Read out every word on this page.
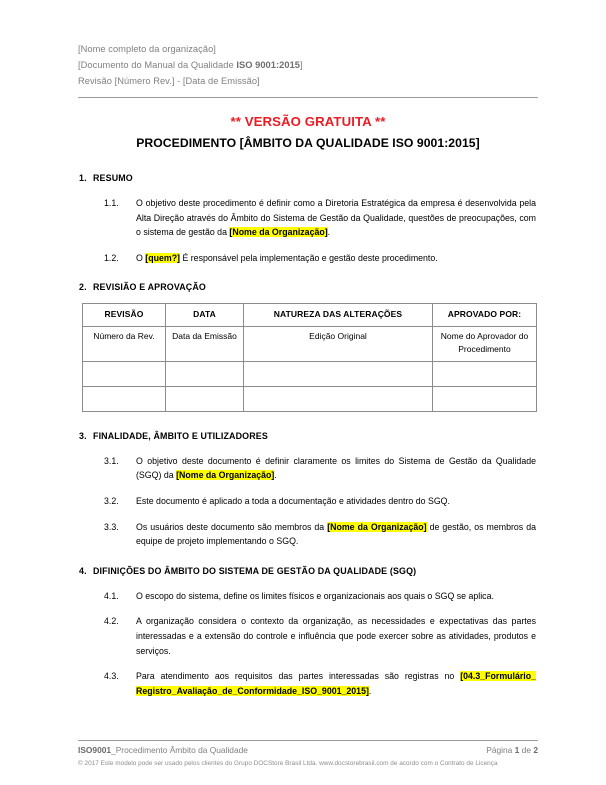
[Nome completo da organização]
[Documento do Manual da Qualidade ISO 9001:2015]
Revisão [Número Rev.] - [Data de Emissão]
** VERSÃO GRATUITA **
PROCEDIMENTO [ÂMBITO DA QUALIDADE ISO 9001:2015]
1. RESUMO
1.1. O objetivo deste procedimento é definir como a Diretoria Estratégica da empresa é desenvolvida pela Alta Direção através do Âmbito do Sistema de Gestão da Qualidade, questões de preocupações, com o sistema de gestão da [Nome da Organização].
1.2. O [quem?] É responsável pela implementação e gestão deste procedimento.
2. REVISIÃO E APROVAÇÃO
REVISÃO	DATA	NATUREZA DAS ALTERAÇÕES	APROVADO POR:
Número da Rev.	Data da Emissão	Edição Original	Nome do Aprovador do Procedimento

3. FINALIDADE, ÂMBITO E UTILIZADORES
3.1. O objetivo deste documento é definir claramente os limites do Sistema de Gestão da Qualidade (SGQ) da [Nome da Organização].
3.2. Este documento é aplicado a toda a documentação e atividades dentro do SGQ.
3.3. Os usuários deste documento são membros da [Nome da Organização] de gestão, os membros da equipe de projeto implementando o SGQ.
4. DIFINIÇÕES DO ÂMBITO DO SISTEMA DE GESTÃO DA QUALIDADE (SGQ)
4.1. O escopo do sistema, define os limites físicos e organizacionais aos quais o SGQ se aplica.
4.2. A organização considera o contexto da organização, as necessidades e expectativas das partes interessadas e a extensão do controle e influência que pode exercer sobre as atividades, produtos e serviços.
4.3. Para atendimento aos requisitos das partes interessadas são registras no [04.3_Formulário_ Registro_Avaliação_de_Conformidade_ISO_9001_2015].
ISO9001_Procedimento Âmbito da Qualidade	Página 1 de 2
© 2017 Este modelo pode ser usado pelos clientes do Grupo DOCStore Brasil Ltda. www.docstorebrasil.com de acordo com o Contrato de Licença
